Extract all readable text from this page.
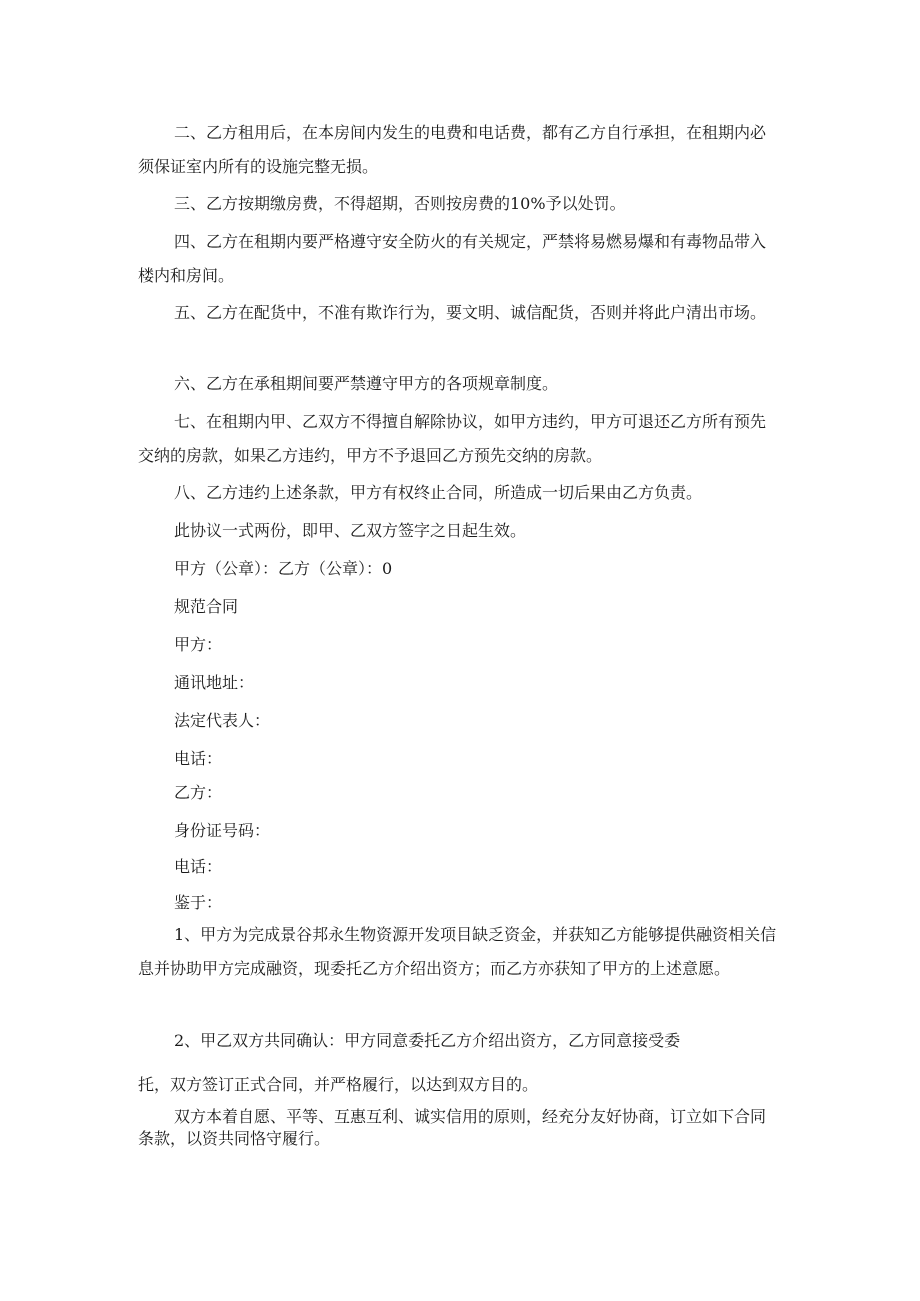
二、乙方租用后，在本房间内发生的电费和电话费，都有乙方自行承担，在租期内必须保证室内所有的设施完整无损。

三、乙方按期缴房费，不得超期，否则按房费的10%予以处罚。

四、乙方在租期内要严格遵守安全防火的有关规定，严禁将易燃易爆和有毒物品带入楼内和房间。

五、乙方在配货中，不准有欺诈行为，要文明、诚信配货，否则并将此户清出市场。

六、乙方在承租期间要严禁遵守甲方的各项规章制度。

七、在租期内甲、乙双方不得擅自解除协议，如甲方违约，甲方可退还乙方所有预先交纳的房款，如果乙方违约，甲方不予退回乙方预先交纳的房款。

八、乙方违约上述条款，甲方有权终止合同，所造成一切后果由乙方负责。

此协议一式两份，即甲、乙双方签字之日起生效。

甲方（公章）：乙方（公章）：0

规范合同

甲方：

通讯地址：

法定代表人：

电话：

乙方：

身份证号码：

电话：

鉴于：

1、甲方为完成景谷邦永生物资源开发项目缺乏资金，并获知乙方能够提供融资相关信息并协助甲方完成融资，现委托乙方介绍出资方；而乙方亦获知了甲方的上述意愿。

2、甲乙双方共同确认：甲方同意委托乙方介绍出资方，乙方同意接受委

托，双方签订正式合同，并严格履行，以达到双方目的。

双方本着自愿、平等、互惠互利、诚实信用的原则，经充分友好协商，订立如下合同条款，以资共同恪守履行。
